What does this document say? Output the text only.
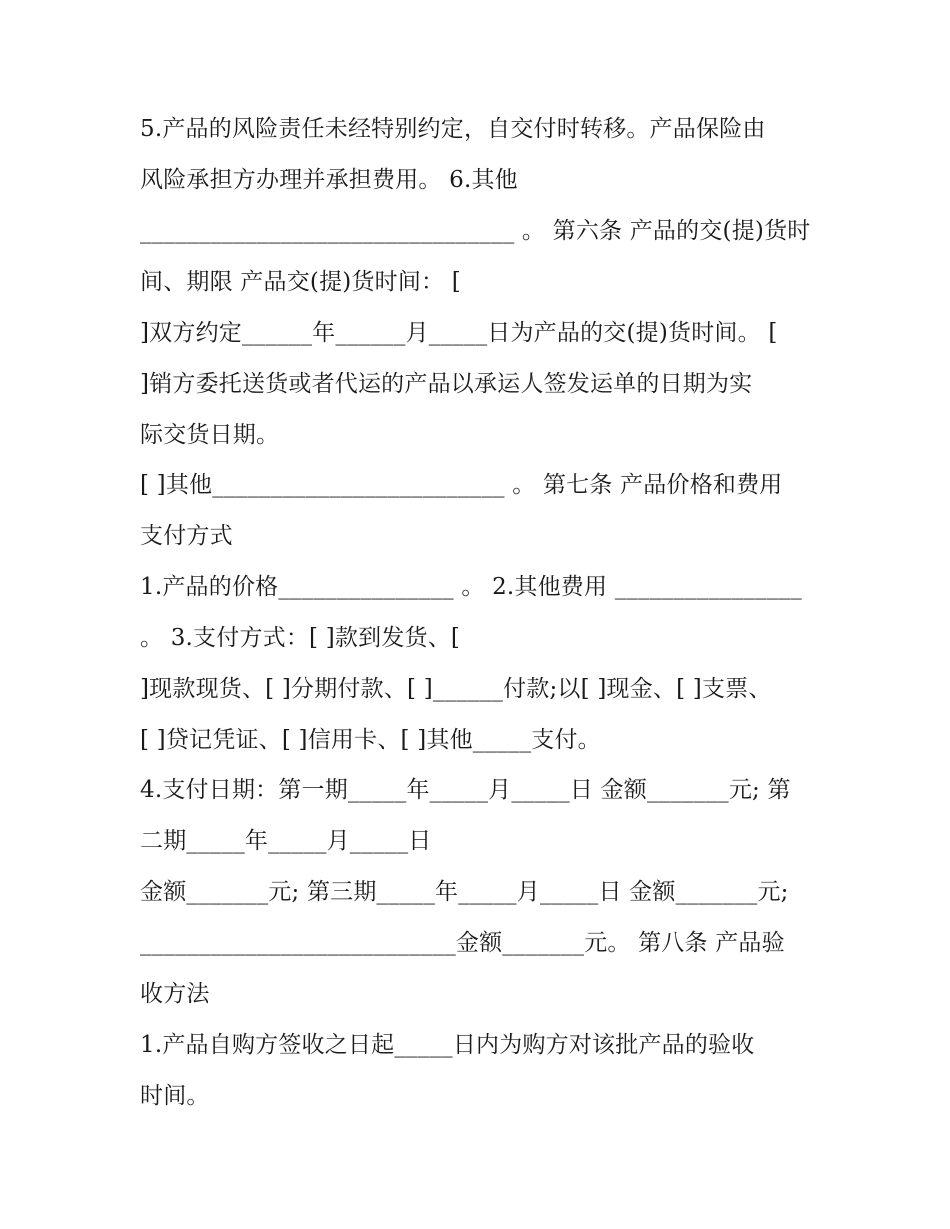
5.产品的风险责任未经特别约定，自交付时转移。产品保险由
风险承担方办理并承担费用。 6.其他
________________________________ 。 第六条 产品的交(提)货时
间、期限 产品交(提)货时间： [
]双方约定______年______月_____日为产品的交(提)货时间。 [
]销方委托送货或者代运的产品以承运人签发运单的日期为实
际交货日期。
[ ]其他_________________________ 。 第七条 产品价格和费用
支付方式
1.产品的价格_______________ 。 2.其他费用 ________________
。 3.支付方式：[ ]款到发货、[
]现款现货、[ ]分期付款、[ ]______付款;以[ ]现金、[ ]支票、
[ ]贷记凭证、[ ]信用卡、[ ]其他_____支付。
4.支付日期：第一期_____年_____月_____日 金额_______元; 第
二期_____年_____月_____日
金额_______元; 第三期_____年_____月_____日 金额_______元;
___________________________金额_______元。 第八条 产品验
收方法
1.产品自购方签收之日起_____日内为购方对该批产品的验收
时间。
